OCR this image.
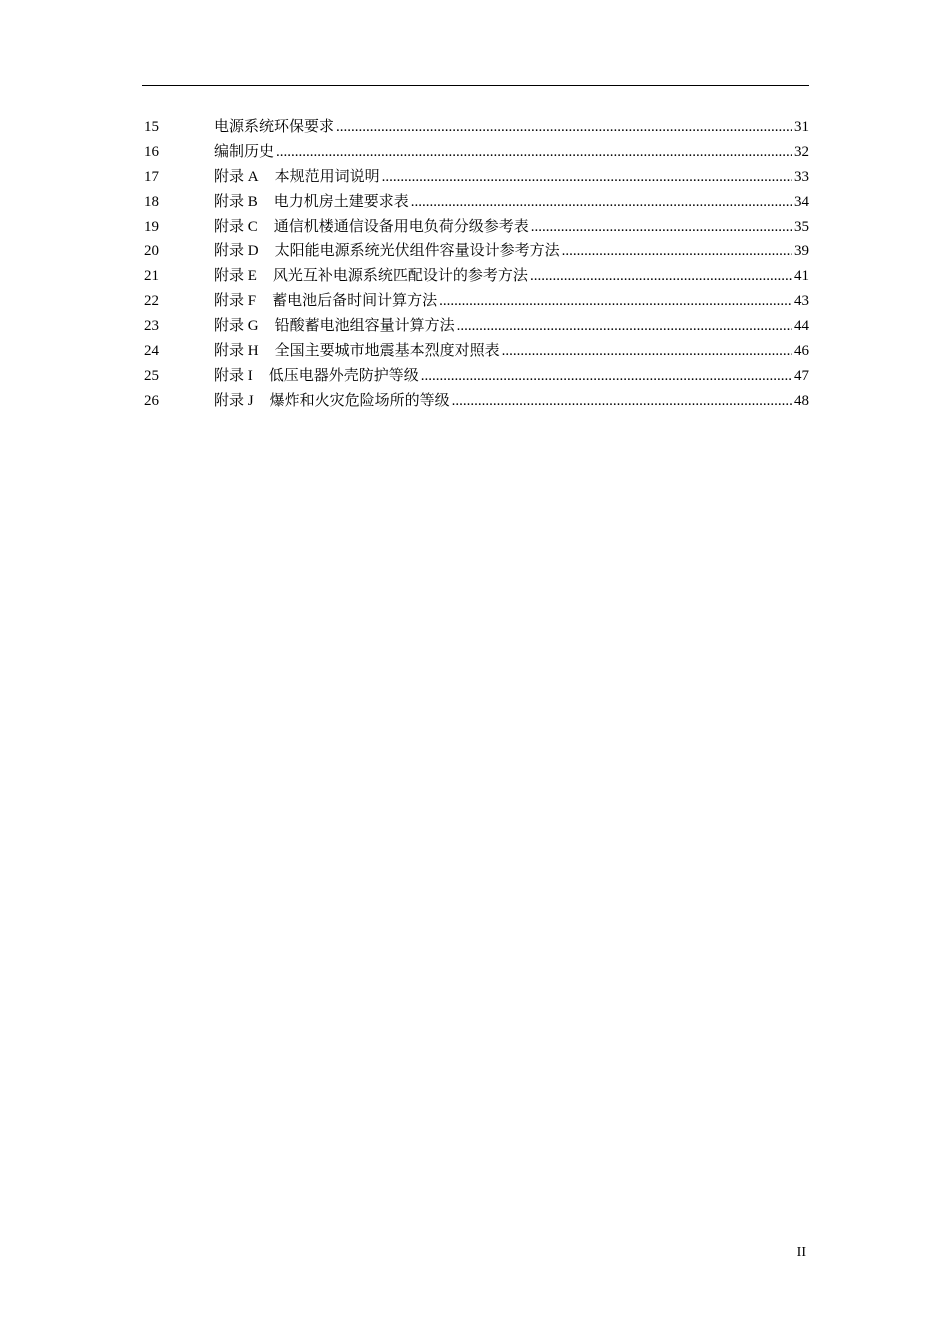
15	电源系统环保要求 .....	31
16	编制历史 .....	32
17	附录 A 本规范用词说明 .....	33
18	附录 B 电力机房土建要求表 .....	34
19	附录 C 通信机楼通信设备用电负荷分级参考表 .....	35
20	附录 D 太阳能电源系统光伏组件容量设计参考方法 .....	39
21	附录 E 风光互补电源系统匹配设计的参考方法 .....	41
22	附录 F 蓄电池后备时间计算方法 .....	43
23	附录 G 铅酸蓄电池组容量计算方法 .....	44
24	附录 H 全国主要城市地震基本烈度对照表 .....	46
25	附录 I 低压电器外壳防护等级 .....	47
26	附录 J 爆炸和火灾危险场所的等级 .....	48
II
